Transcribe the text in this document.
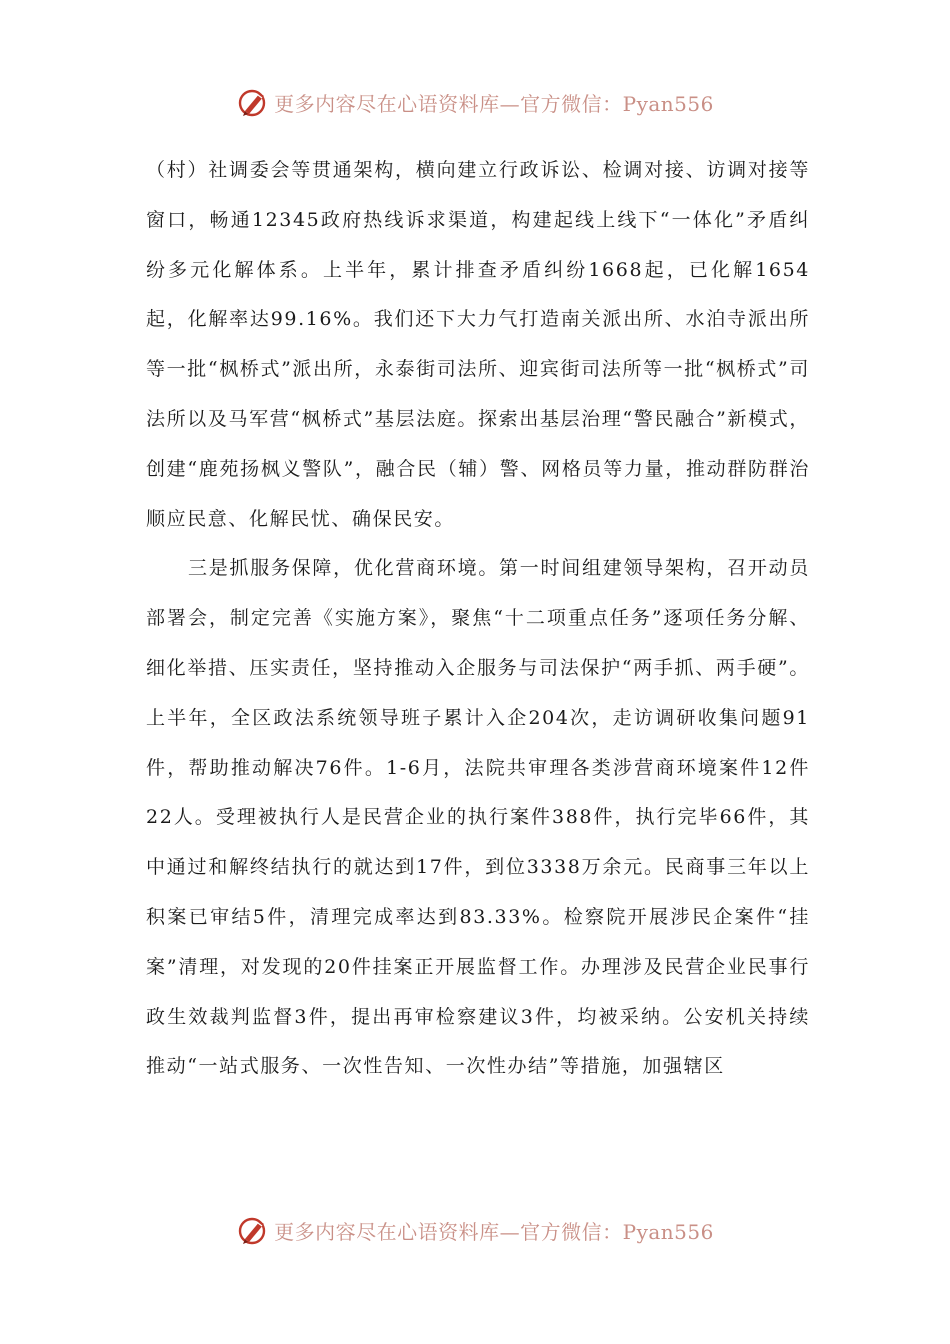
更多内容尽在心语资料库—官方微信：Pyan556

（村）社调委会等贯通架构，横向建立行政诉讼、检调对接、访调对接等窗口，畅通12345政府热线诉求渠道，构建起线上线下“一体化”矛盾纠纷多元化解体系。上半年，累计排查矛盾纠纷1668起，已化解1654起，化解率达99.16%。我们还下大力气打造南关派出所、水泊寺派出所等一批“枫桥式”派出所，永泰街司法所、迎宾街司法所等一批“枫桥式”司法所以及马军营“枫桥式”基层法庭。探索出基层治理“警民融合”新模式，创建“鹿苑扬枫义警队”，融合民（辅）警、网格员等力量，推动群防群治顺应民意、化解民忧、确保民安。

三是抓服务保障，优化营商环境。第一时间组建领导架构，召开动员部署会，制定完善《实施方案》，聚焦“十二项重点任务”逐项任务分解、细化举措、压实责任，坚持推动入企服务与司法保护“两手抓、两手硬”。上半年，全区政法系统领导班子累计入企204次，走访调研收集问题91件，帮助推动解决76件。1-6月，法院共审理各类涉营商环境案件12件22人。受理被执行人是民营企业的执行案件388件，执行完毕66件，其中通过和解终结执行的就达到17件，到位3338万余元。民商事三年以上积案已审结5件，清理完成率达到83.33%。检察院开展涉民企案件“挂案”清理，对发现的20件挂案正开展监督工作。办理涉及民营企业民事行政生效裁判监督3件，提出再审检察建议3件，均被采纳。公安机关持续推动“一站式服务、一次性告知、一次性办结”等措施，加强辖区

更多内容尽在心语资料库—官方微信：Pyan556
